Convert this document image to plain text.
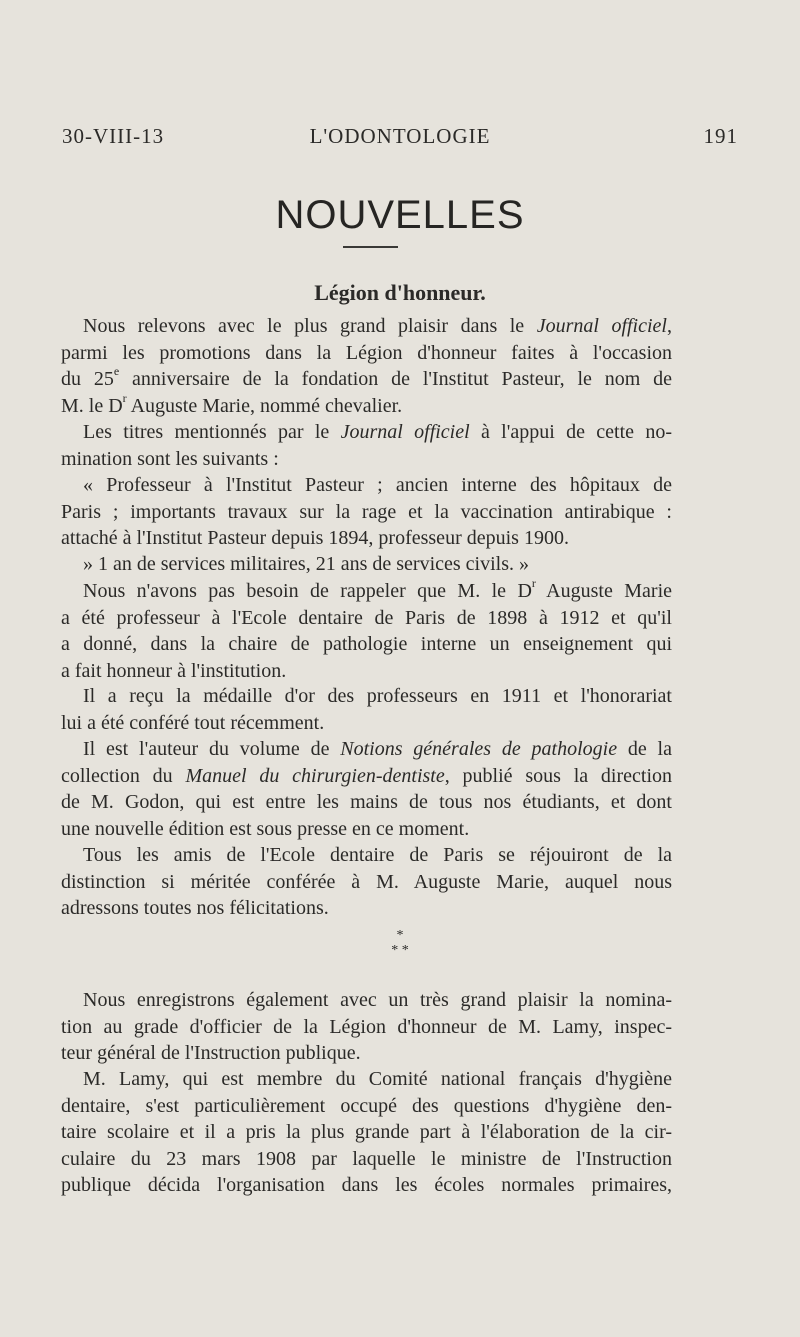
30-VIII-13	L'ODONTOLOGIE	191
NOUVELLES
Légion d'honneur.
Nous relevons avec le plus grand plaisir dans le Journal officiel,
parmi les promotions dans la Légion d'honneur faites à l'occasion
du 25e anniversaire de la fondation de l'Institut Pasteur, le nom de
M. le $D^r$ Auguste Marie, nommé chevalier.
Les titres mentionnés par le Journal officiel à l'appui de cette no-
mination sont les suivants :
« Professeur à l'Institut Pasteur ; ancien interne des hôpitaux de
Paris ; importants travaux sur la rage et la vaccination antirabique :
attaché à l'Institut Pasteur depuis 1894, professeur depuis 1900.
» 1 an de services militaires, 21 ans de services civils. »
Nous n'avons pas besoin de rappeler que M. le $D^r$ Auguste Marie
a été professeur à l'Ecole dentaire de Paris de 1898 à 1912 et qu'il
a donné, dans la chaire de pathologie interne un enseignement qui
a fait honneur à l'institution.
Il a reçu la médaille d'or des professeurs en 1911 et l'honorariat
lui a été conféré tout récemment.
Il est l'auteur du volume de Notions générales de pathologie de la
collection du Manuel du chirurgien-dentiste, publié sous la direction
de M. Godon, qui est entre les mains de tous nos étudiants, et dont
une nouvelle édition est sous presse en ce moment.
Tous les amis de l'Ecole dentaire de Paris se réjouiront de la
distinction si méritée conférée à M. Auguste Marie, auquel nous
adressons toutes nos félicitations.
*
* *
Nous enregistrons également avec un très grand plaisir la nomina-
tion au grade d'officier de la Légion d'honneur de M. Lamy, inspec-
teur général de l'Instruction publique.
M. Lamy, qui est membre du Comité national français d'hygiène
dentaire, s'est particulièrement occupé des questions d'hygiène den-
taire scolaire et il a pris la plus grande part à l'élaboration de la cir-
culaire du 23 mars 1908 par laquelle le ministre de l'Instruction
publique décida l'organisation dans les écoles normales primaires,
